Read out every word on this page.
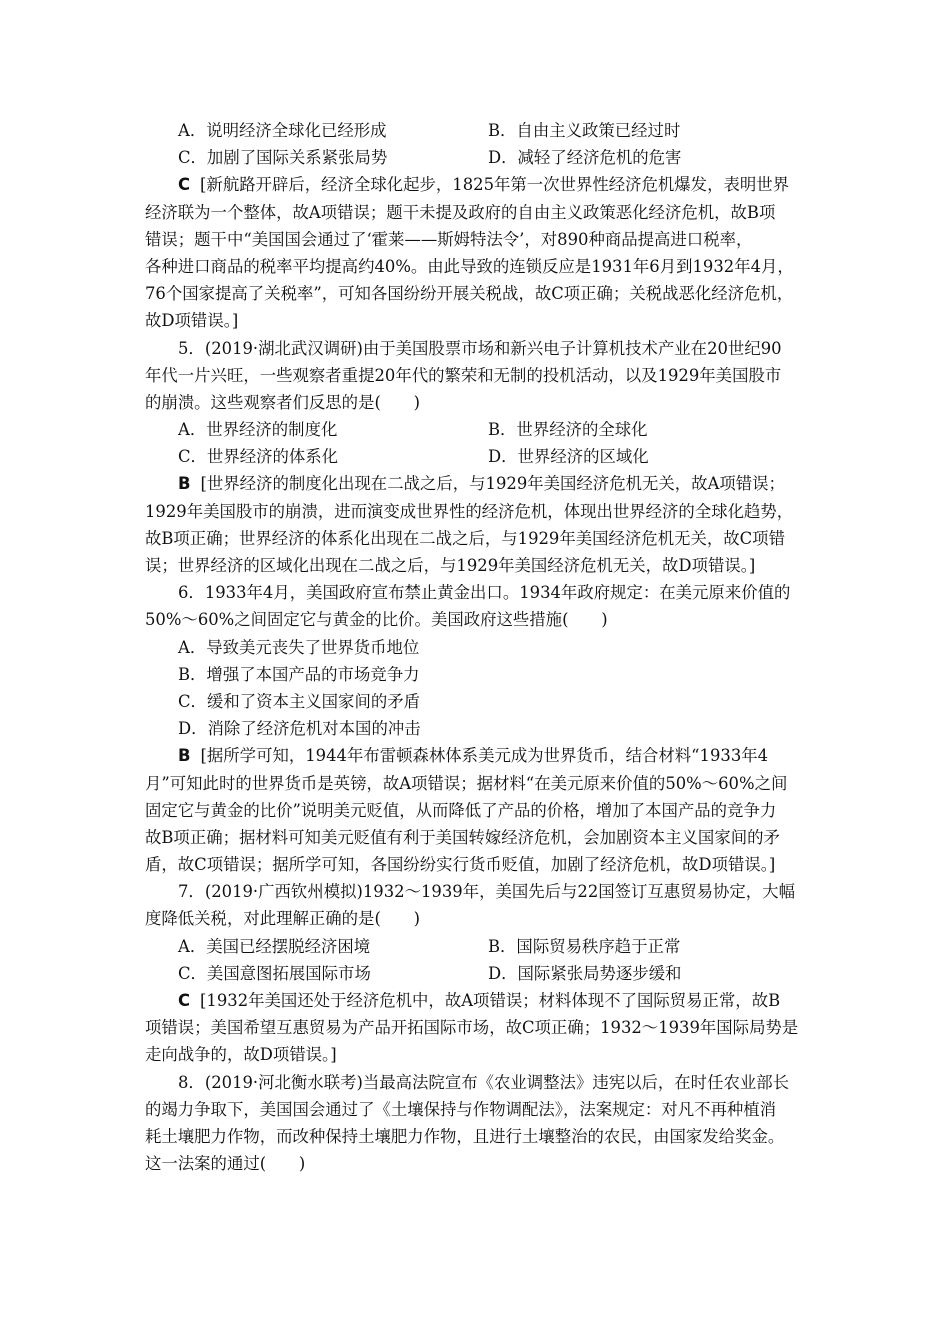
A．说明经济全球化已经形成	B．自由主义政策已经过时
C．加剧了国际关系紧张局势	D．减轻了经济危机的危害
C [新航路开辟后，经济全球化起步，1825年第一次世界性经济危机爆发，表明世界
经济联为一个整体，故A项错误；题干未提及政府的自由主义政策恶化经济危机，故B项
错误；题干中“美国国会通过了‘霍莱——斯姆特法令’，对890种商品提高进口税率，
各种进口商品的税率平均提高约40%。由此导致的连锁反应是1931年6月到1932年4月，
76个国家提高了关税率”，可知各国纷纷开展关税战，故C项正确；关税战恶化经济危机，
故D项错误。]
5．(2019·湖北武汉调研)由于美国股票市场和新兴电子计算机技术产业在20世纪90
年代一片兴旺，一些观察者重提20年代的繁荣和无制的投机活动，以及1929年美国股市
的崩溃。这些观察者们反思的是(　　)
A．世界经济的制度化	B．世界经济的全球化
C．世界经济的体系化	D．世界经济的区域化
B [世界经济的制度化出现在二战之后，与1929年美国经济危机无关，故A项错误；
1929年美国股市的崩溃，进而演变成世界性的经济危机，体现出世界经济的全球化趋势，
故B项正确；世界经济的体系化出现在二战之后，与1929年美国经济危机无关，故C项错
误；世界经济的区域化出现在二战之后，与1929年美国经济危机无关，故D项错误。]
6．1933年4月，美国政府宣布禁止黄金出口。1934年政府规定：在美元原来价值的
50%～60%之间固定它与黄金的比价。美国政府这些措施(　　)
A．导致美元丧失了世界货币地位
B．增强了本国产品的市场竞争力
C．缓和了资本主义国家间的矛盾
D．消除了经济危机对本国的冲击
B [据所学可知，1944年布雷顿森林体系美元成为世界货币，结合材料“1933年4
月”可知此时的世界货币是英镑，故A项错误；据材料“在美元原来价值的50%～60%之间
固定它与黄金的比价”说明美元贬值，从而降低了产品的价格，增加了本国产品的竞争力
故B项正确；据材料可知美元贬值有利于美国转嫁经济危机，会加剧资本主义国家间的矛
盾，故C项错误；据所学可知，各国纷纷实行货币贬值，加剧了经济危机，故D项错误。]
7．(2019·广西钦州模拟)1932～1939年，美国先后与22国签订互惠贸易协定，大幅
度降低关税，对此理解正确的是(　　)
A．美国已经摆脱经济困境	B．国际贸易秩序趋于正常
C．美国意图拓展国际市场	D．国际紧张局势逐步缓和
C [1932年美国还处于经济危机中，故A项错误；材料体现不了国际贸易正常，故B
项错误；美国希望互惠贸易为产品开拓国际市场，故C项正确；1932～1939年国际局势是
走向战争的，故D项错误。]
8．(2019·河北衡水联考)当最高法院宣布《农业调整法》违宪以后，在时任农业部长
的竭力争取下，美国国会通过了《土壤保持与作物调配法》，法案规定：对凡不再种植消
耗土壤肥力作物，而改种保持土壤肥力作物，且进行土壤整治的农民，由国家发给奖金。
这一法案的通过(　　)
